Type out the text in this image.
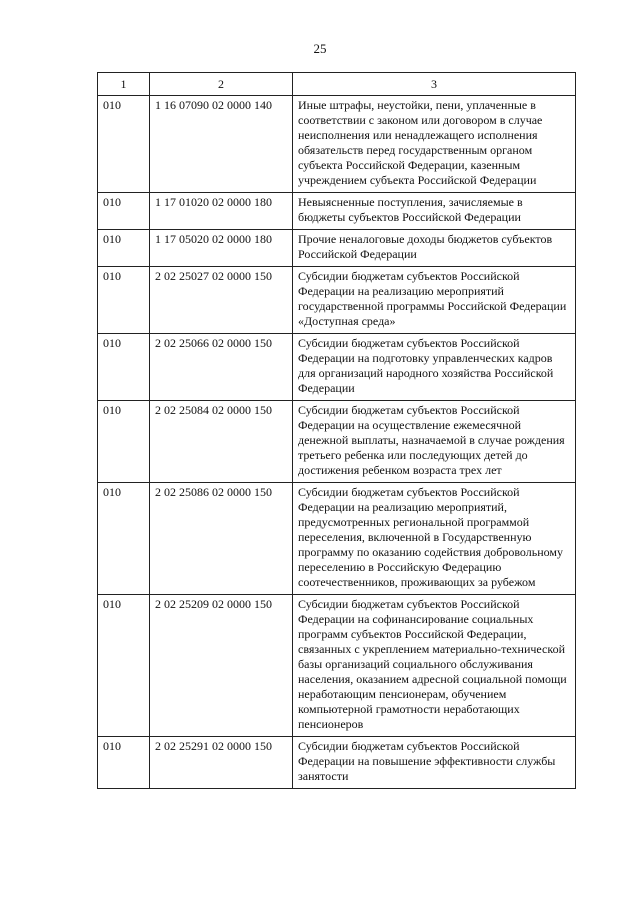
25
1	2	3
010	1 16 07090 02 0000 140	Иные штрафы, неустойки, пени, уплаченные в соответствии с законом или договором в случае неисполнения или ненадлежащего исполнения обязательств перед государственным органом субъекта Российской Федерации, казенным учреждением субъекта Российской Федерации
010	1 17 01020 02 0000 180	Невыясненные поступления, зачисляемые в бюджеты субъектов Российской Федерации
010	1 17 05020 02 0000 180	Прочие неналоговые доходы бюджетов субъектов Российской Федерации
010	2 02 25027 02 0000 150	Субсидии бюджетам субъектов Российской Федерации на реализацию мероприятий государственной программы Российской Федерации «Доступная среда»
010	2 02 25066 02 0000 150	Субсидии бюджетам субъектов Российской Федерации на подготовку управленческих кадров для организаций народного хозяйства Российской Федерации
010	2 02 25084 02 0000 150	Субсидии бюджетам субъектов Российской Федерации на осуществление ежемесячной денежной выплаты, назначаемой в случае рождения третьего ребенка или последующих детей до достижения ребенком возраста трех лет
010	2 02 25086 02 0000 150	Субсидии бюджетам субъектов Российской Федерации на реализацию мероприятий, предусмотренных региональной программой переселения, включенной в Государственную программу по оказанию содействия добровольному переселению в Российскую Федерацию соотечественников, проживающих за рубежом
010	2 02 25209 02 0000 150	Субсидии бюджетам субъектов Российской Федерации на софинансирование социальных программ субъектов Российской Федерации, связанных с укреплением материально-технической базы организаций социального обслуживания населения, оказанием адресной социальной помощи неработающим пенсионерам, обучением компьютерной грамотности неработающих пенсионеров
010	2 02 25291 02 0000 150	Субсидии бюджетам субъектов Российской Федерации на повышение эффективности службы занятости
